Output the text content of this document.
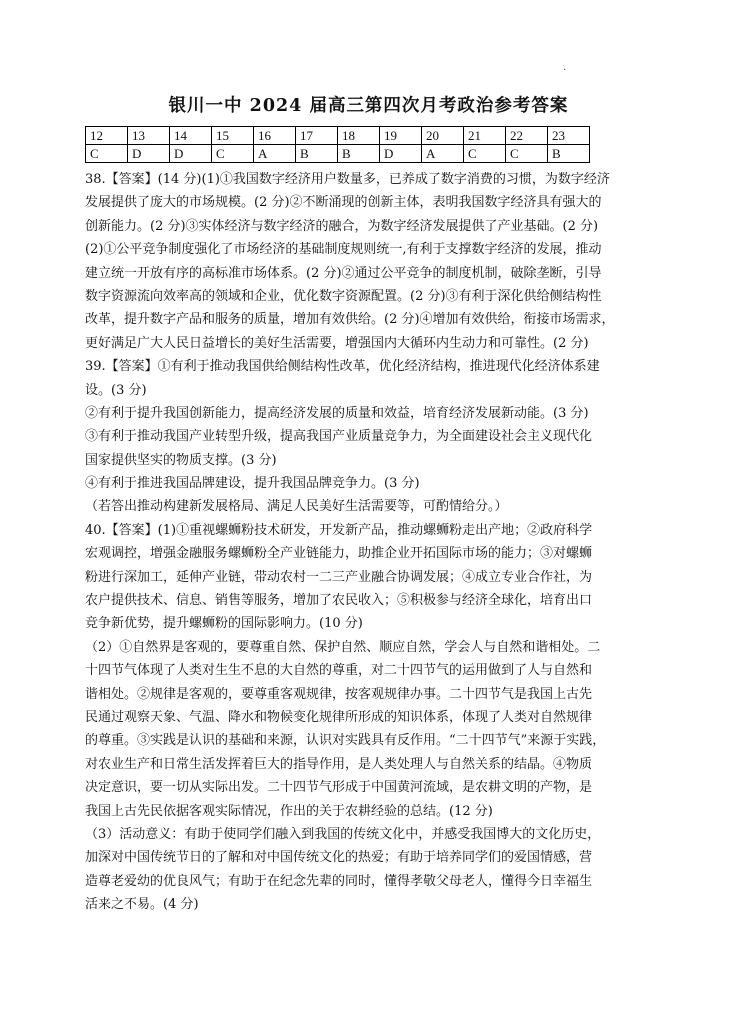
.
银川一中 2024 届高三第四次月考政治参考答案
12	13	14	15	16	17	18	19	20	21	22	23
C	D	D	C	A	B	B	D	A	C	C	B
38.【答案】(14 分)(1)①我国数字经济用户数量多，已养成了数字消费的习惯，为数字经济
发展提供了庞大的市场规模。(2 分)②不断涌现的创新主体，表明我国数字经济具有强大的
创新能力。(2 分)③实体经济与数字经济的融合，为数字经济发展提供了产业基础。(2 分)
(2)①公平竞争制度强化了市场经济的基础制度规则统一,有利于支撑数字经济的发展，推动
建立统一开放有序的高标准市场体系。(2 分)②通过公平竞争的制度机制，破除垄断，引导
数字资源流向效率高的领域和企业，优化数字资源配置。(2 分)③有利于深化供给侧结构性
改革，提升数字产品和服务的质量，增加有效供给。(2 分)④增加有效供给，衔接市场需求，
更好满足广大人民日益增长的美好生活需要，增强国内大循环内生动力和可靠性。(2 分)
39.【答案】①有利于推动我国供给侧结构性改革，优化经济结构，推进现代化经济体系建
设。(3 分)
②有利于提升我国创新能力，提高经济发展的质量和效益，培育经济发展新动能。(3 分)
③有利于推动我国产业转型升级，提高我国产业质量竞争力，为全面建设社会主义现代化
国家提供坚实的物质支撑。(3 分)
④有利于推进我国品牌建设，提升我国品牌竞争力。(3 分)
（若答出推动构建新发展格局、满足人民美好生活需要等，可酌情给分。）
40.【答案】(1)①重视螺蛳粉技术研发，开发新产品，推动螺蛳粉走出产地；②政府科学
宏观调控，增强金融服务螺蛳粉全产业链能力，助推企业开拓国际市场的能力；③对螺蛳
粉进行深加工，延伸产业链，带动农村一二三产业融合协调发展；④成立专业合作社，为
农户提供技术、信息、销售等服务，增加了农民收入；⑤积极参与经济全球化，培育出口
竞争新优势，提升螺蛳粉的国际影响力。(10 分)
（2）①自然界是客观的，要尊重自然、保护自然、顺应自然，学会人与自然和谐相处。二
十四节气体现了人类对生生不息的大自然的尊重，对二十四节气的运用做到了人与自然和
谐相处。②规律是客观的，要尊重客观规律，按客观规律办事。二十四节气是我国上古先
民通过观察天象、气温、降水和物候变化规律所形成的知识体系，体现了人类对自然规律
的尊重。③实践是认识的基础和来源，认识对实践具有反作用。“二十四节气”来源于实践，
对农业生产和日常生活发挥着巨大的指导作用，是人类处理人与自然关系的结晶。④物质
决定意识，要一切从实际出发。二十四节气形成于中国黄河流域，是农耕文明的产物，是
我国上古先民依据客观实际情况，作出的关于农耕经验的总结。(12 分)
（3）活动意义：有助于使同学们融入到我国的传统文化中，并感受我国博大的文化历史，
加深对中国传统节日的了解和对中国传统文化的热爱；有助于培养同学们的爱国情感，营
造尊老爱幼的优良风气；有助于在纪念先辈的同时，懂得孝敬父母老人，懂得今日幸福生
活来之不易。(4 分)
